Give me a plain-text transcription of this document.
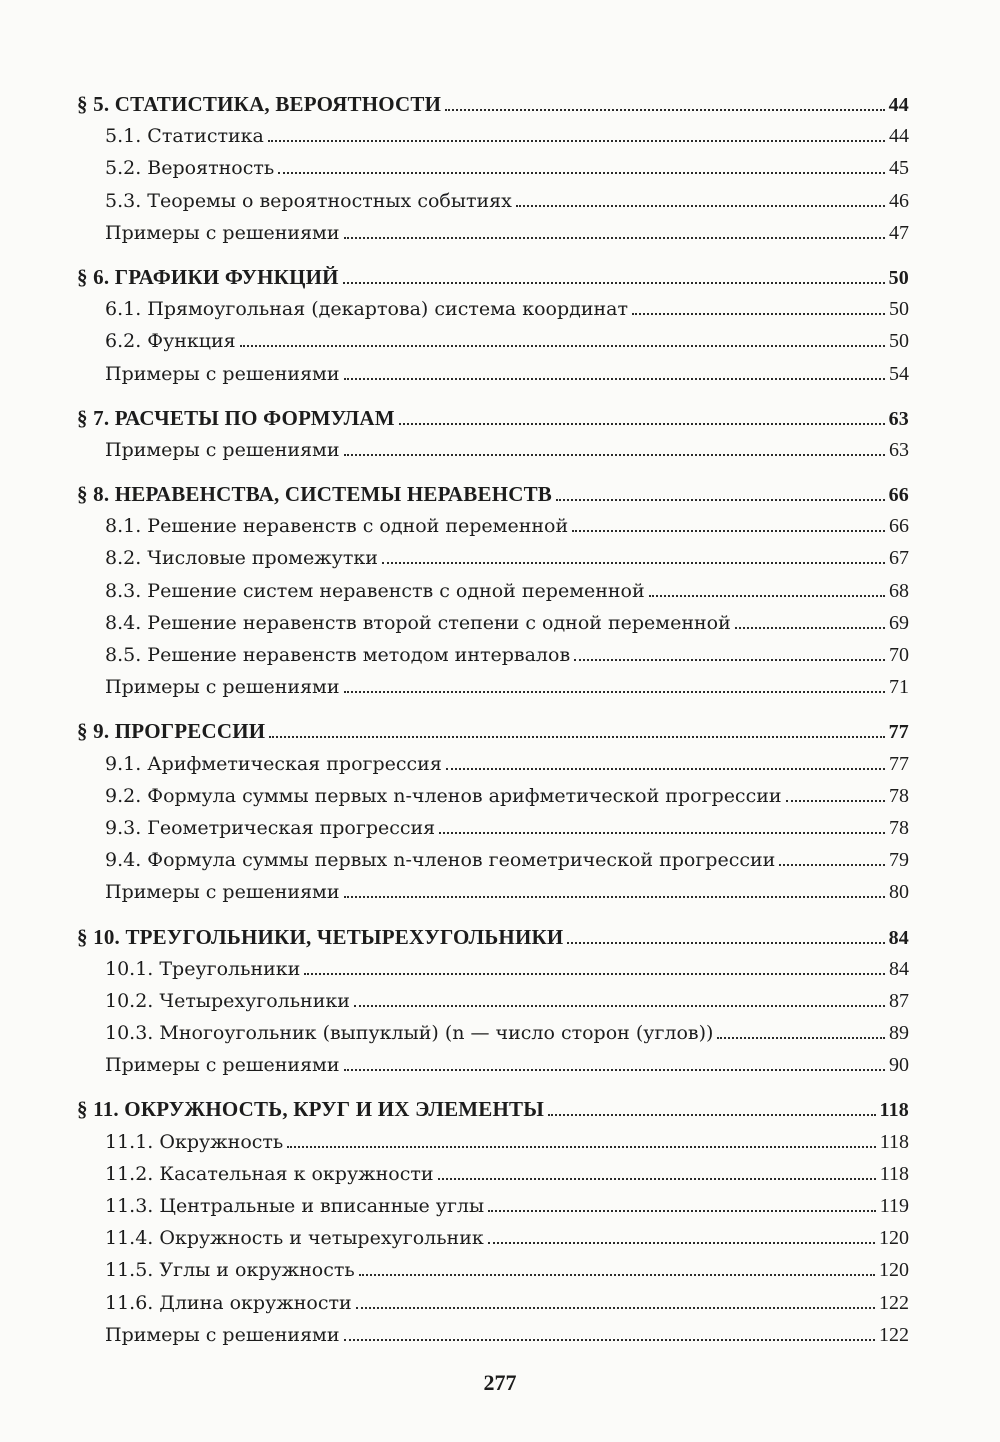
§ 5. СТАТИСТИКА, ВЕРОЯТНОСТИ	44
5.1. Статистика	44
5.2. Вероятность	45
5.3. Теоремы о вероятностных событиях	46
Примеры с решениями	47
§ 6. ГРАФИКИ ФУНКЦИЙ	50
6.1. Прямоугольная (декартова) система координат	50
6.2. Функция	50
Примеры с решениями	54
§ 7. РАСЧЕТЫ ПО ФОРМУЛАМ	63
Примеры с решениями	63
§ 8. НЕРАВЕНСТВА, СИСТЕМЫ НЕРАВЕНСТВ	66
8.1. Решение неравенств с одной переменной	66
8.2. Числовые промежутки	67
8.3. Решение систем неравенств с одной переменной	68
8.4. Решение неравенств второй степени с одной переменной	69
8.5. Решение неравенств методом интервалов	70
Примеры с решениями	71
§ 9. ПРОГРЕССИИ	77
9.1. Арифметическая прогрессия	77
9.2. Формула суммы первых n-членов арифметической прогрессии	78
9.3. Геометрическая прогрессия	78
9.4. Формула суммы первых n-членов геометрической прогрессии	79
Примеры с решениями	80
§ 10. ТРЕУГОЛЬНИКИ, ЧЕТЫРЕХУГОЛЬНИКИ	84
10.1. Треугольники	84
10.2. Четырехугольники	87
10.3. Многоугольник (выпуклый) (n — число сторон (углов))	89
Примеры с решениями	90
§ 11. ОКРУЖНОСТЬ, КРУГ И ИХ ЭЛЕМЕНТЫ	118
11.1. Окружность	118
11.2. Касательная к окружности	118
11.3. Центральные и вписанные углы	119
11.4. Окружность и четырехугольник	120
11.5. Углы и окружность	120
11.6. Длина окружности	122
Примеры с решениями	122
277
